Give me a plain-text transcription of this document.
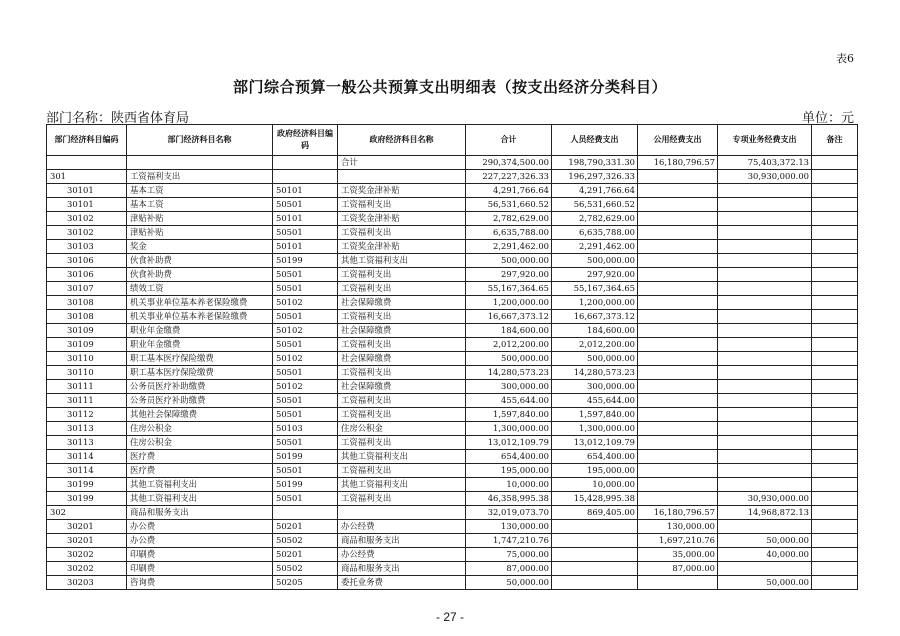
表6
部门综合预算一般公共预算支出明细表（按支出经济分类科目）
部门名称：陕西省体育局	单位：元
部门经济科目编码	部门经济科目名称	政府经济科目编码	政府经济科目名称	合计	人员经费支出	公用经费支出	专项业务经费支出	备注
			合计	290,374,500.00	198,790,331.30	16,180,796.57	75,403,372.13	
301	工资福利支出			227,227,326.33	196,297,326.33		30,930,000.00	
30101	基本工资	50101	工资奖金津补贴	4,291,766.64	4,291,766.64			
30101	基本工资	50501	工资福利支出	56,531,660.52	56,531,660.52			
30102	津贴补贴	50101	工资奖金津补贴	2,782,629.00	2,782,629.00			
30102	津贴补贴	50501	工资福利支出	6,635,788.00	6,635,788.00			
30103	奖金	50101	工资奖金津补贴	2,291,462.00	2,291,462.00			
30106	伙食补助费	50199	其他工资福利支出	500,000.00	500,000.00			
30106	伙食补助费	50501	工资福利支出	297,920.00	297,920.00			
30107	绩效工资	50501	工资福利支出	55,167,364.65	55,167,364.65			
30108	机关事业单位基本养老保险缴费	50102	社会保障缴费	1,200,000.00	1,200,000.00			
30108	机关事业单位基本养老保险缴费	50501	工资福利支出	16,667,373.12	16,667,373.12			
30109	职业年金缴费	50102	社会保障缴费	184,600.00	184,600.00			
30109	职业年金缴费	50501	工资福利支出	2,012,200.00	2,012,200.00			
30110	职工基本医疗保险缴费	50102	社会保障缴费	500,000.00	500,000.00			
30110	职工基本医疗保险缴费	50501	工资福利支出	14,280,573.23	14,280,573.23			
30111	公务员医疗补助缴费	50102	社会保障缴费	300,000.00	300,000.00			
30111	公务员医疗补助缴费	50501	工资福利支出	455,644.00	455,644.00			
30112	其他社会保障缴费	50501	工资福利支出	1,597,840.00	1,597,840.00			
30113	住房公积金	50103	住房公积金	1,300,000.00	1,300,000.00			
30113	住房公积金	50501	工资福利支出	13,012,109.79	13,012,109.79			
30114	医疗费	50199	其他工资福利支出	654,400.00	654,400.00			
30114	医疗费	50501	工资福利支出	195,000.00	195,000.00			
30199	其他工资福利支出	50199	其他工资福利支出	10,000.00	10,000.00			
30199	其他工资福利支出	50501	工资福利支出	46,358,995.38	15,428,995.38		30,930,000.00	
302	商品和服务支出			32,019,073.70	869,405.00	16,180,796.57	14,968,872.13	
30201	办公费	50201	办公经费	130,000.00		130,000.00		
30201	办公费	50502	商品和服务支出	1,747,210.76		1,697,210.76	50,000.00	
30202	印刷费	50201	办公经费	75,000.00		35,000.00	40,000.00	
30202	印刷费	50502	商品和服务支出	87,000.00		87,000.00		
30203	咨询费	50205	委托业务费	50,000.00			50,000.00	
- 27 -
